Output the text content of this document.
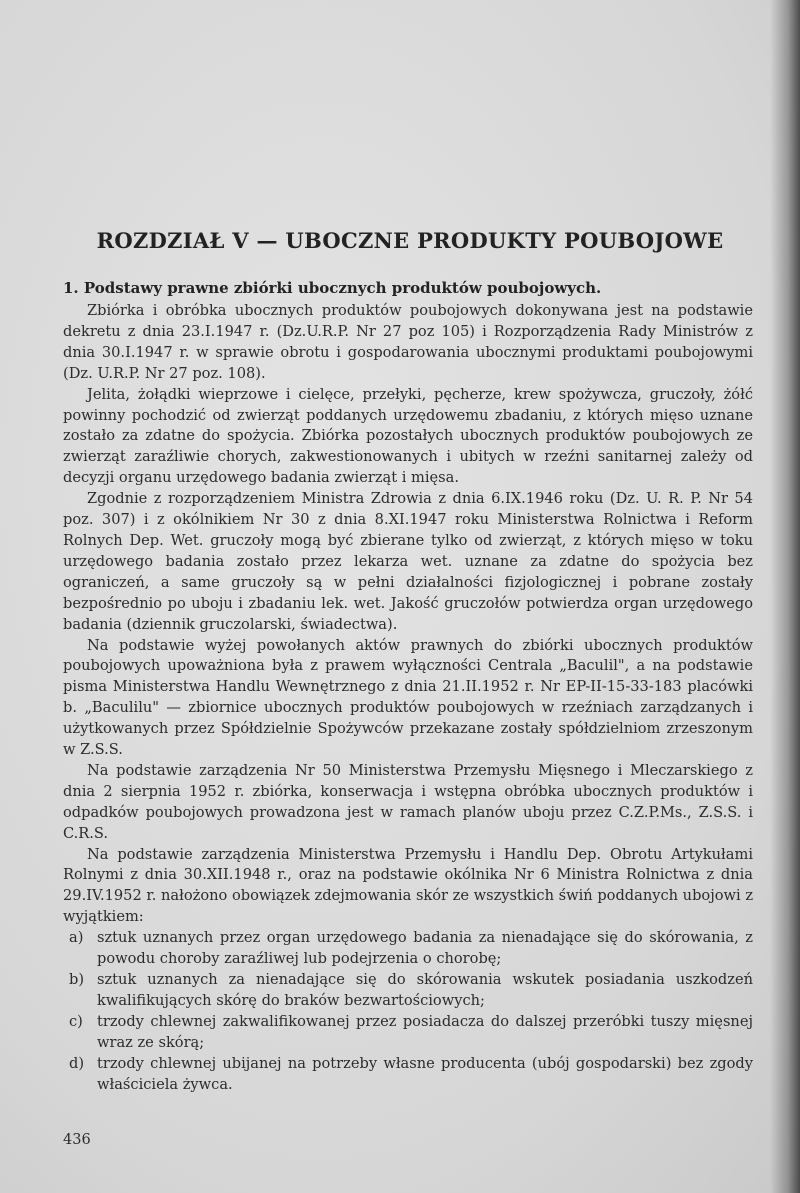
ROZDZIAŁ V — UBOCZNE PRODUKTY POUBOJOWE
1. Podstawy prawne zbiórki ubocznych produktów poubojowych.

Zbiórka i obróbka ubocznych produktów poubojowych dokonywana jest na podstawie dekretu z dnia 23.I.1947 r. (Dz.U.R.P. Nr 27 poz 105) i Rozporządzenia Rady Ministrów z dnia 30.I.1947 r. w sprawie obrotu i gospodarowania ubocznymi produktami poubojowymi (Dz. U.R.P. Nr 27 poz. 108).

Jelita, żołądki wieprzowe i cielęce, przełyki, pęcherze, krew spożywcza, gruczoły, żółć powinny pochodzić od zwierząt poddanych urzędowemu zbadaniu, z których mięso uznane zostało za zdatne do spożycia. Zbiórka pozostałych ubocznych produktów poubojowych ze zwierząt zaraźliwie chorych, zakwestionowanych i ubitych w rzeźni sanitarnej zależy od decyzji organu urzędowego badania zwierząt i mięsa.

Zgodnie z rozporządzeniem Ministra Zdrowia z dnia 6.IX.1946 roku (Dz. U. R. P. Nr 54 poz. 307) i z okólnikiem Nr 30 z dnia 8.XI.1947 roku Ministerstwa Rolnictwa i Reform Rolnych Dep. Wet. gruczoły mogą być zbierane tylko od zwierząt, z których mięso w toku urzędowego badania zostało przez lekarza wet. uznane za zdatne do spożycia bez ograniczeń, a same gruczoły są w pełni działalności fizjologicznej i pobrane zostały bezpośrednio po uboju i zbadaniu lek. wet. Jakość gruczołów potwierdza organ urzędowego badania (dziennik gruczolarski, świadectwa).

Na podstawie wyżej powołanych aktów prawnych do zbiórki ubocznych produktów poubojowych upoważniona była z prawem wyłączności Centrala „Baculil", a na podstawie pisma Ministerstwa Handlu Wewnętrznego z dnia 21.II.1952 r. Nr EP-II-15-33-183 placówki b. „Baculilu" — zbiornice ubocznych produktów poubojowych w rzeźniach zarządzanych i użytkowanych przez Spółdzielnie Spożywców przekazane zostały spółdzielniom zrzeszonym w Z.S.S.

Na podstawie zarządzenia Nr 50 Ministerstwa Przemysłu Mięsnego i Mleczarskiego z dnia 2 sierpnia 1952 r. zbiórka, konserwacja i wstępna obróbka ubocznych produktów i odpadków poubojowych prowadzona jest w ramach planów uboju przez C.Z.P.Ms., Z.S.S. i C.R.S.

Na podstawie zarządzenia Ministerstwa Przemysłu i Handlu Dep. Obrotu Artykułami Rolnymi z dnia 30.XII.1948 r., oraz na podstawie okólnika Nr 6 Ministra Rolnictwa z dnia 29.IV.1952 r. nałożono obowiązek zdejmowania skór ze wszystkich świń poddanych ubojowi z wyjątkiem:

a) sztuk uznanych przez organ urzędowego badania za nienadające się do skórowania, z powodu choroby zaraźliwej lub podejrzenia o chorobę;
b) sztuk uznanych za nienadające się do skórowania wskutek posiadania uszkodzeń kwalifikujących skórę do braków bezwartościowych;
c) trzody chlewnej zakwalifikowanej przez posiadacza do dalszej przeróbki tuszy mięsnej wraz ze skórą;
d) trzody chlewnej ubijanej na potrzeby własne producenta (ubój gospodarski) bez zgody właściciela żywca.
436
